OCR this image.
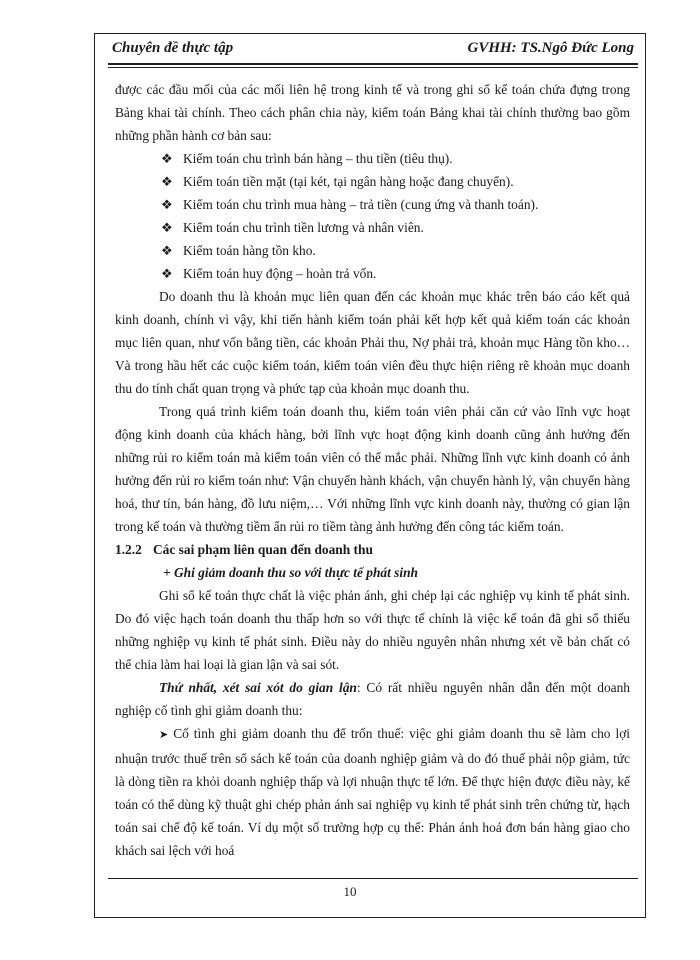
Chuyên đề thực tập	GVHH: TS.Ngô Đức Long

được các đầu mối của các mối liên hệ trong kinh tế và trong ghi sổ kế toán chứa đựng trong Bảng khai tài chính. Theo cách phân chia này, kiểm toán Bảng khai tài chính thường bao gồm những phần hành cơ bản sau:

❖ Kiểm toán chu trình bán hàng – thu tiền (tiêu thụ).
❖ Kiểm toán tiền mặt (tại két, tại ngân hàng hoặc đang chuyển).
❖ Kiểm toán chu trình mua hàng – trả tiền (cung ứng và thanh toán).
❖ Kiểm toán chu trình tiền lương và nhân viên.
❖ Kiểm toán hàng tồn kho.
❖ Kiểm toán huy động – hoàn trả vốn.

Do doanh thu là khoản mục liên quan đến các khoản mục khác trên báo cáo kết quả kinh doanh, chính vì vậy, khi tiến hành kiểm toán phải kết hợp kết quả kiểm toán các khoản mục liên quan, như vốn bằng tiền, các khoản Phải thu, Nợ phải trả, khoản mục Hàng tồn kho… Và trong hầu hết các cuộc kiểm toán, kiểm toán viên đều thực hiện riêng rẽ khoản mục doanh thu do tính chất quan trọng và phức tạp của khoản mục doanh thu.

Trong quá trình kiểm toán doanh thu, kiểm toán viên phải căn cứ vào lĩnh vực hoạt động kinh doanh của khách hàng, bởi lĩnh vực hoạt động kinh doanh cũng ảnh hưởng đến những rủi ro kiểm toán mà kiểm toán viên có thể mắc phải. Những lĩnh vực kinh doanh có ảnh hưởng đến rủi ro kiểm toán như: Vận chuyển hành khách, vận chuyển hành lý, vận chuyển hàng hoá, thư tín, bán hàng, đồ lưu niệm,… Với những lĩnh vực kinh doanh này, thường có gian lận trong kế toán và thường tiềm ẩn rủi ro tiềm tàng ảnh hưởng đến công tác kiểm toán.

1.2.2 Các sai phạm liên quan đến doanh thu

+ Ghi giảm doanh thu so với thực tế phát sinh

Ghi sổ kế toán thực chất là việc phản ánh, ghi chép lại các nghiệp vụ kinh tế phát sinh. Do đó việc hạch toán doanh thu thấp hơn so với thực tế chính là việc kế toán đã ghi sổ thiếu những nghiệp vụ kinh tế phát sinh. Điều này do nhiều nguyên nhân nhưng xét về bản chất có thể chia làm hai loại là gian lận và sai sót.

Thứ nhất, xét sai xót do gian lận: Có rất nhiều nguyên nhân dẫn đến một doanh nghiệp cố tình ghi giảm doanh thu:

➤ Cố tình ghi giảm doanh thu để trốn thuế: việc ghi giảm doanh thu sẽ làm cho lợi nhuận trước thuế trên sổ sách kế toán của doanh nghiệp giảm và do đó thuế phải nộp giảm, tức là dòng tiền ra khỏi doanh nghiệp thấp và lợi nhuận thực tế lớn. Để thực hiện được điều này, kế toán có thể dùng kỹ thuật ghi chép phản ánh sai nghiệp vụ kinh tế phát sinh trên chứng từ, hạch toán sai chế độ kế toán. Ví dụ một số trường hợp cụ thể: Phản ánh hoá đơn bán hàng giao cho khách sai lệch với hoá

10
